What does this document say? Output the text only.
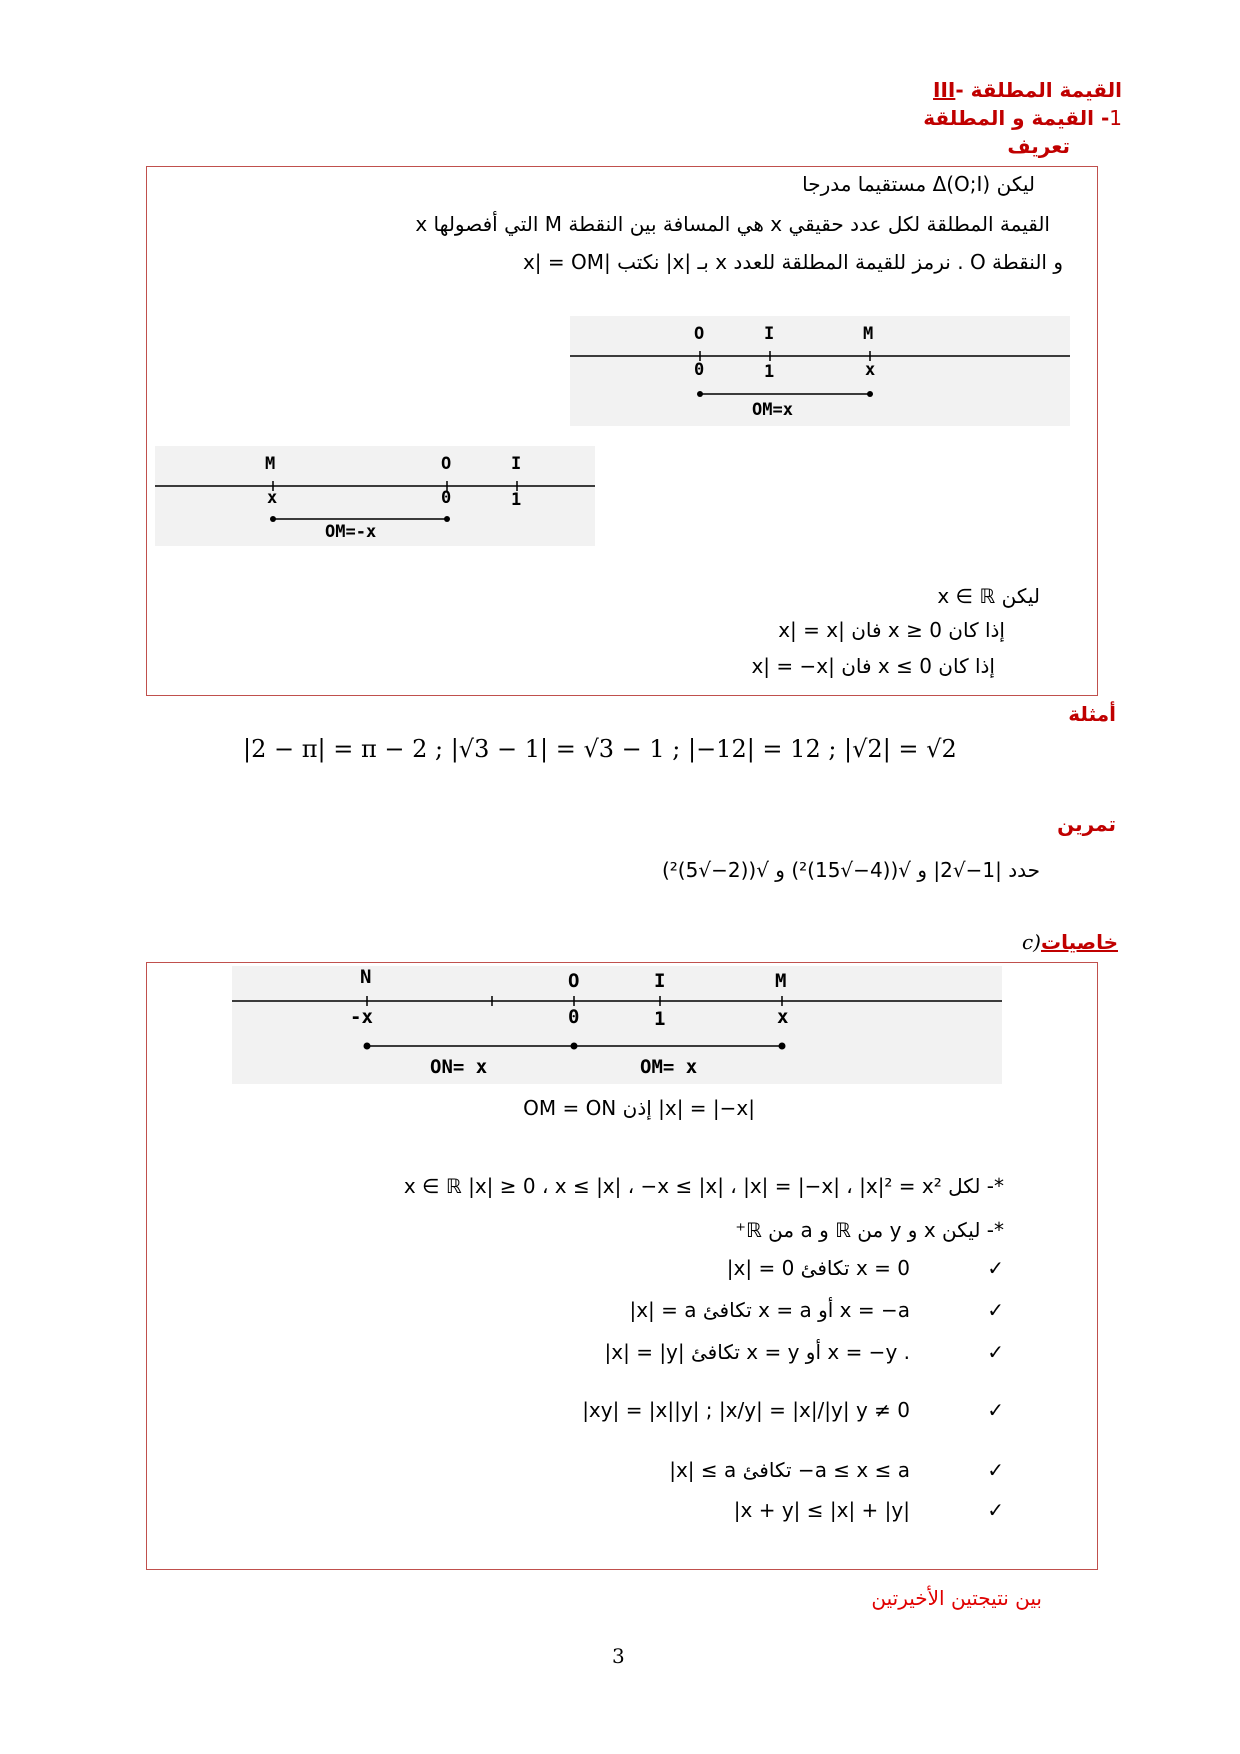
III- القيمة المطلقة
1- القيمة و المطلقة
تعريف
ليكن Δ(O;I) مستقيما مدرجا
القيمة المطلقة لكل عدد حقيقي x هي المسافة بين النقطة M التي أفصولها x
و النقطة O . نرمز للقيمة المطلقة للعدد x بـ |x| نكتب |x| = OM
O	I	M
0	1	x
OM=x
M	O	I
x	0	1
OM=-x
ليكن x ∈ ℝ
إذا كان x ≥ 0 فان |x| = x
إذا كان x ≤ 0 فان |x| = −x
أمثلة
|2 − π| = π − 2 ; |√3 − 1| = √3 − 1 ; |−12| = 12 ; |√2| = √2
تمرين
حدد |1−√2| و √((4−√15)²) و √((2−√5)²)
c)خاصيات
N	O	I	M
-x	0	1	x
ON= x	OM= x
OM = ON إذن |x| = |−x|
*- لكل x ∈ ℝ |x| ≥ 0 ، x ≤ |x| ، −x ≤ |x| ، |x| = |−x| ، |x|² = x²
*- ليكن x و y من ℝ و a من ℝ⁺
✓
|x| = 0 تكافئ x = 0
✓
|x| = a تكافئ x = a أو x = −a
✓
|x| = |y| تكافئ x = y أو x = −y .
✓
|xy| = |x||y| ; |x/y| = |x|/|y| y ≠ 0
✓
|x| ≤ a تكافئ −a ≤ x ≤ a
✓
|x + y| ≤ |x| + |y|
بين نتيجتين الأخيرتين
3
